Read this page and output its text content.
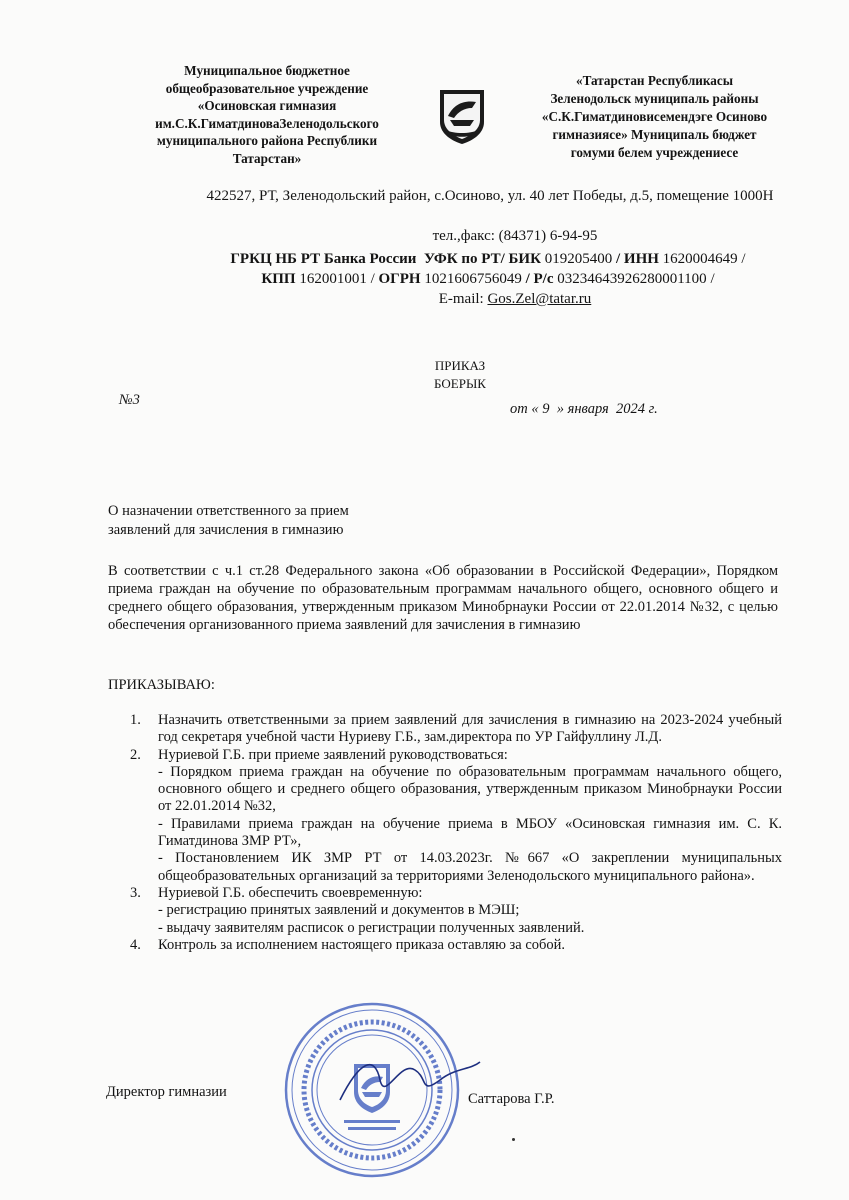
Муниципальное бюджетное
общеобразовательное учреждение
«Осиновская гимназия
им.С.К.ГиматдиноваЗеленодольского
муниципального района Республики
Татарстан»
«Татарстан Республикасы
Зеленодольск муниципаль районы
«С.К.Гиматдиновисемендэге Осиново
гимназиясе» Муниципаль бюджет
гомуми белем учреждениесе
422527, РТ, Зеленодольский район, с.Осиново, ул. 40 лет Победы, д.5, помещение 1000Н
тел.,факс: (84371) 6-94-95
ГРКЦ НБ РТ Банка России УФК по РТ/ БИК 019205400 / ИНН 1620004649 /
КПП 162001001 / ОГРН 1021606756049 / Р/с 03234643926280001100 /
E-mail: Gos.Zel@tatar.ru
ПРИКАЗ
БОЕРЫК
№3
от « 9  » января  2024 г.
О назначении ответственного за прием
заявлений для зачисления в гимназию
В соответствии с ч.1 ст.28 Федерального закона «Об образовании в Российской Федерации», Порядком приема граждан на обучение по образовательным программам начального общего, основного общего и среднего общего образования, утвержденным приказом Минобрнауки России от 22.01.2014 №32, с целью обеспечения организованного приема заявлений для зачисления в гимназию
ПРИКАЗЫВАЮ:
1. Назначить ответственными за прием заявлений для зачисления в гимназию на 2023-2024 учебный год секретаря учебной части Нуриеву Г.Б., зам.директора по УР Гайфуллину Л.Д.
2. Нуриевой Г.Б. при приеме заявлений руководствоваться:
- Порядком приема граждан на обучение по образовательным программам начального общего, основного общего и среднего общего образования, утвержденным приказом Минобрнауки России от 22.01.2014 №32,
- Правилами приема граждан на обучение приема в МБОУ «Осиновская гимназия им. С. К. Гиматдинова ЗМР РТ»,
- Постановлением ИК ЗМР РТ от 14.03.2023г. №667 «О закреплении муниципальных общеобразовательных организаций за территориями Зеленодольского муниципального района».
3. Нуриевой Г.Б. обеспечить своевременную:
- регистрацию принятых заявлений и документов в МЭШ;
- выдачу заявителям расписок о регистрации полученных заявлений.
4. Контроль за исполнением настоящего приказа оставляю за собой.
Директор гимназии	Саттарова Г.Р.
